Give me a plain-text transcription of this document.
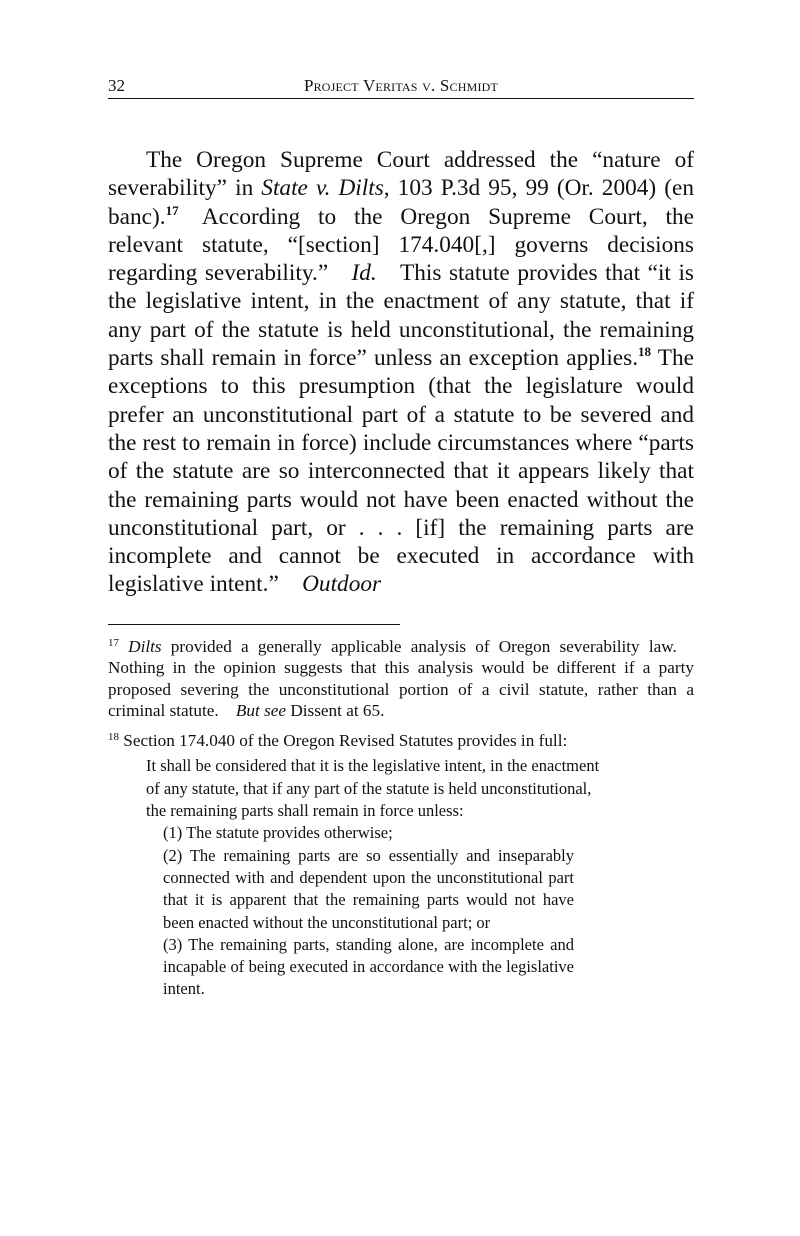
32	Project Veritas v. Schmidt

The Oregon Supreme Court addressed the “nature of severability” in State v. Dilts, 103 P.3d 95, 99 (Or. 2004) (en banc).$^{17}$ According to the Oregon Supreme Court, the relevant statute, “[section] 174.040[,] governs decisions regarding severability.” Id. This statute provides that “it is the legislative intent, in the enactment of any statute, that if any part of the statute is held unconstitutional, the remaining parts shall remain in force” unless an exception applies.$^{18}$ The exceptions to this presumption (that the legislature would prefer an unconstitutional part of a statute to be severed and the rest to remain in force) include circumstances where “parts of the statute are so interconnected that it appears likely that the remaining parts would not have been enacted without the unconstitutional part, or . . . [if] the remaining parts are incomplete and cannot be executed in accordance with legislative intent.” Outdoor

$^{17}$ Dilts provided a generally applicable analysis of Oregon severability law. Nothing in the opinion suggests that this analysis would be different if a party proposed severing the unconstitutional portion of a civil statute, rather than a criminal statute. But see Dissent at 65.

$^{18}$ Section 174.040 of the Oregon Revised Statutes provides in full:

It shall be considered that it is the legislative intent, in the enactment of any statute, that if any part of the statute is held unconstitutional, the remaining parts shall remain in force unless:

(1) The statute provides otherwise;

(2) The remaining parts are so essentially and inseparably connected with and dependent upon the unconstitutional part that it is apparent that the remaining parts would not have been enacted without the unconstitutional part; or

(3) The remaining parts, standing alone, are incomplete and incapable of being executed in accordance with the legislative intent.
